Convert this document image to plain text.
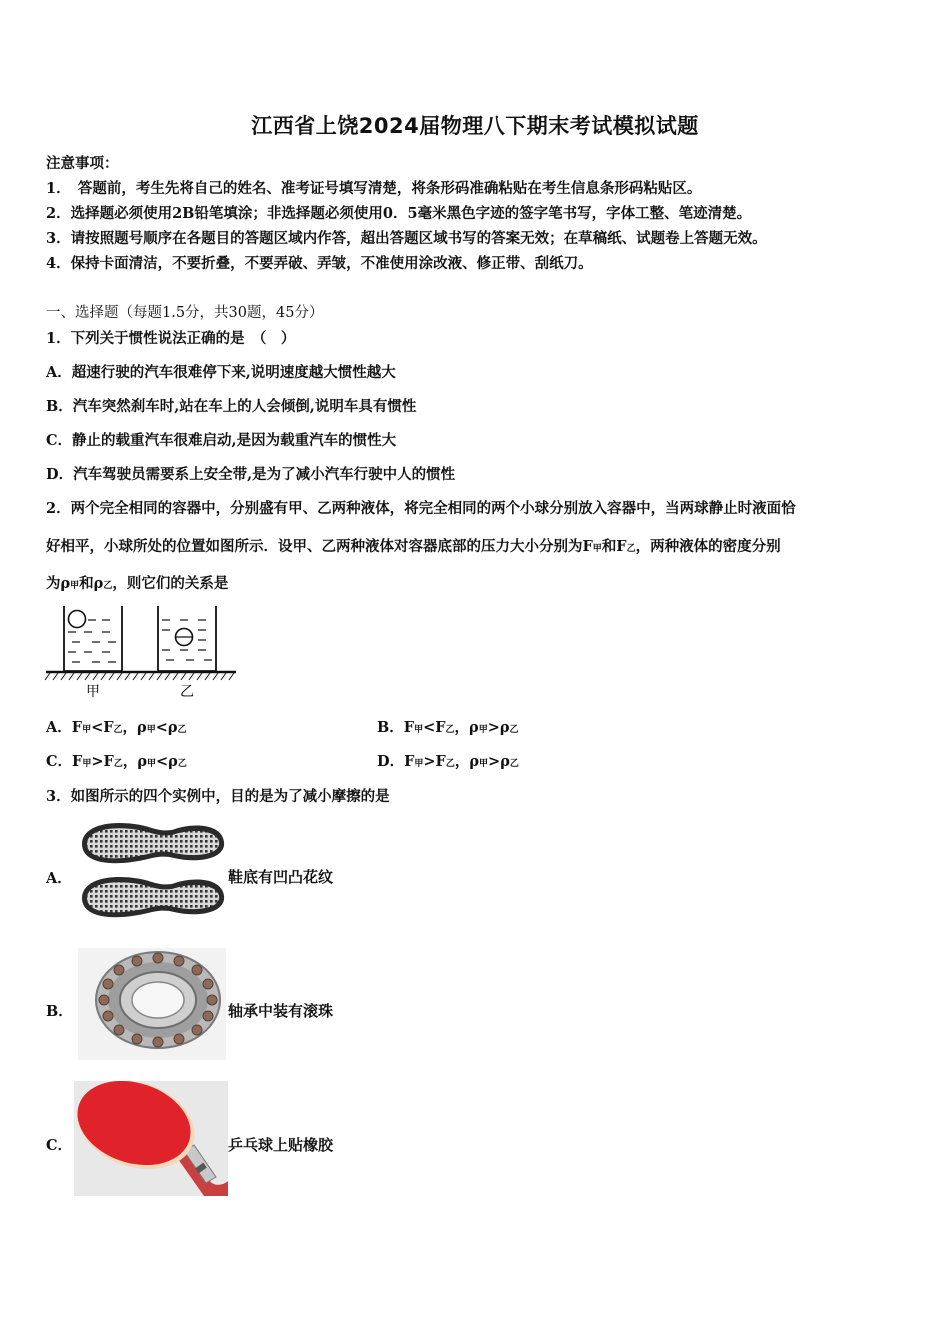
江西省上饶2024届物理八下期末考试模拟试题
注意事项：
1．　答题前，考生先将自己的姓名、准考证号填写清楚，将条形码准确粘贴在考生信息条形码粘贴区。
2．选择题必须使用2B铅笔填涂；非选择题必须使用0．5毫米黑色字迹的签字笔书写，字体工整、笔迹清楚。
3．请按照题号顺序在各题目的答题区域内作答，超出答题区域书写的答案无效；在草稿纸、试题卷上答题无效。
4．保持卡面清洁，不要折叠，不要弄破、弄皱，不准使用涂改液、修正带、刮纸刀。
一、选择题（每题1.5分，共30题，45分）
1．下列关于惯性说法正确的是　（　）
A．超速行驶的汽车很难停下来,说明速度越大惯性越大
B．汽车突然刹车时,站在车上的人会倾倒,说明车具有惯性
C．静止的载重汽车很难启动,是因为载重汽车的惯性大
D．汽车驾驶员需要系上安全带,是为了减小汽车行驶中人的惯性
2．两个完全相同的容器中，分别盛有甲、乙两种液体，将完全相同的两个小球分别放入容器中，当两球静止时液面恰
好相平，小球所处的位置如图所示．设甲、乙两种液体对容器底部的压力大小分别为F甲和F乙，两种液体的密度分别
为ρ甲和ρ乙，则它们的关系是
甲	乙
A．F甲<F乙，ρ甲<ρ乙	B．F甲<F乙，ρ甲>ρ乙
C．F甲>F乙，ρ甲<ρ乙	D．F甲>F乙，ρ甲>ρ乙
3．如图所示的四个实例中，目的是为了减小摩擦的是
A．	鞋底有凹凸花纹
B．	轴承中装有滚珠
C．	乒乓球上贴橡胶
